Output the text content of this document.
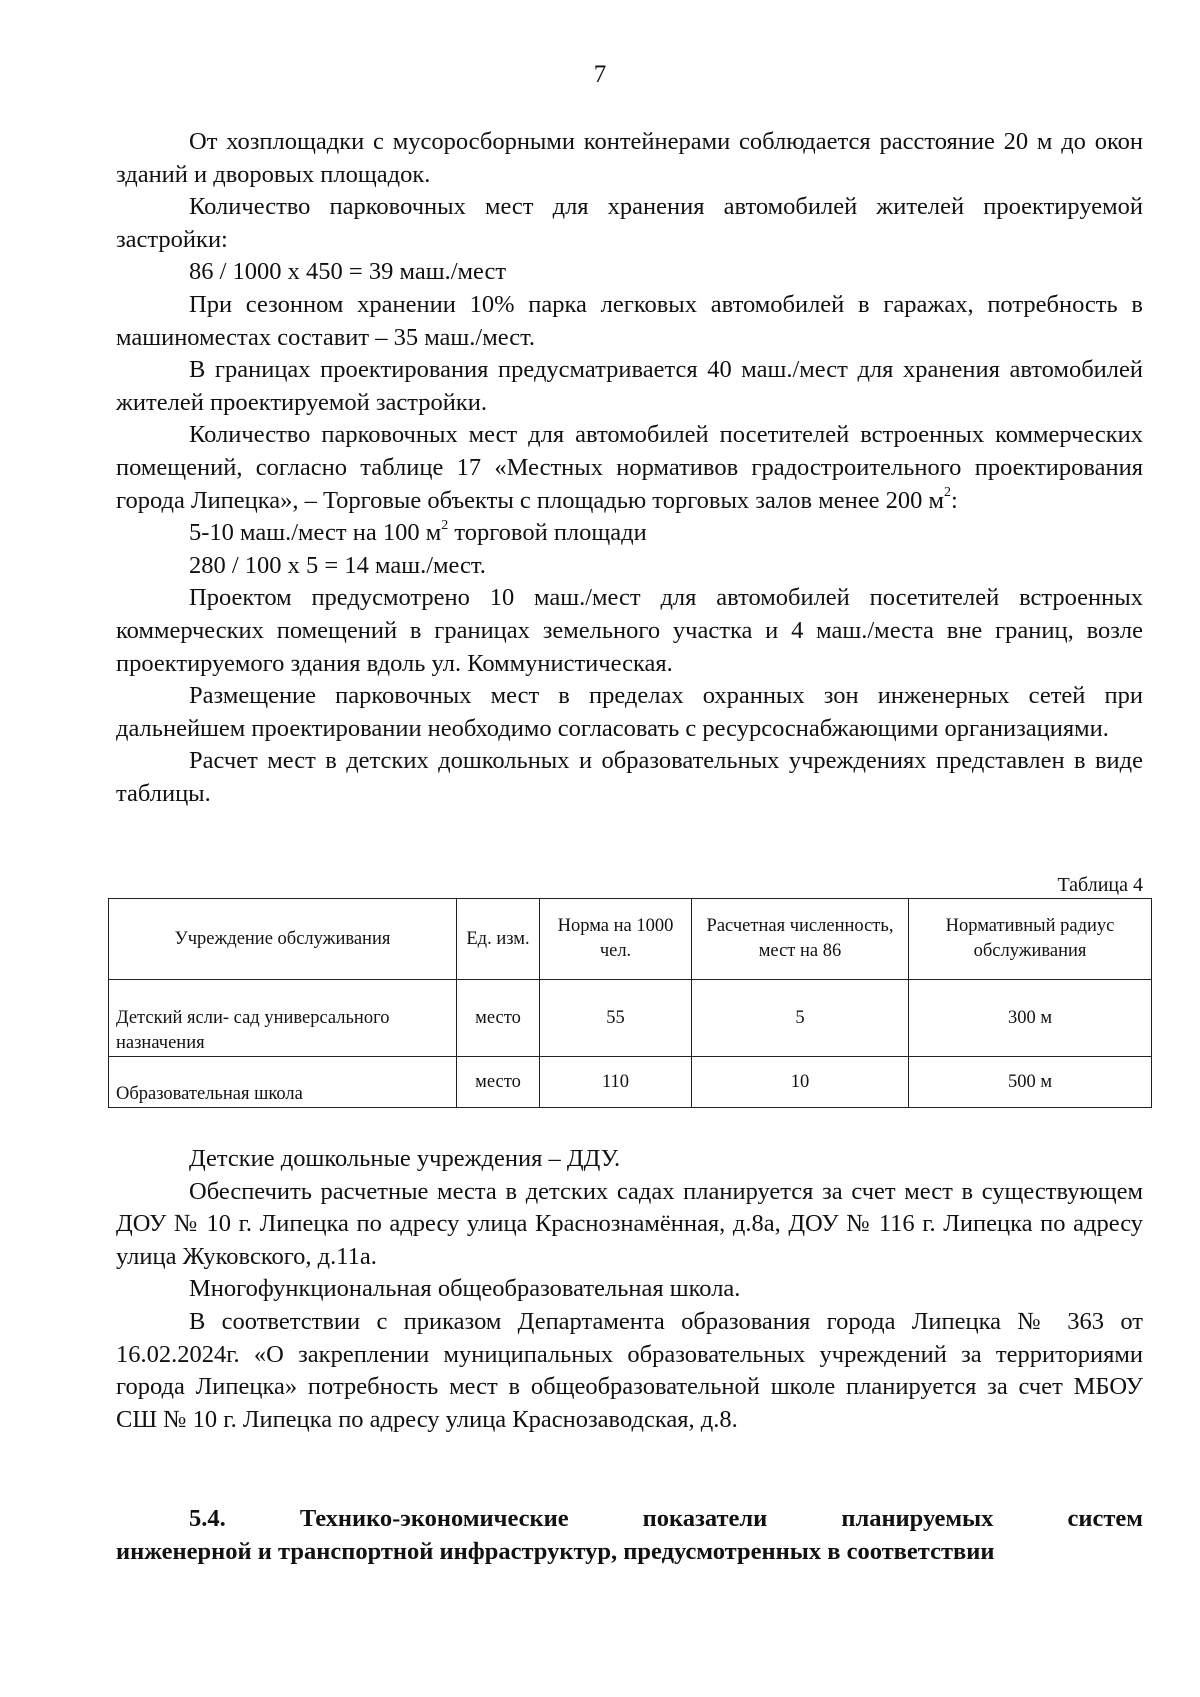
7

От хозплощадки с мусоросборными контейнерами соблюдается расстояние 20 м до окон зданий и дворовых площадок.

Количество парковочных мест для хранения автомобилей жителей проектируемой застройки:

86 / 1000 х 450 = 39 маш./мест

При сезонном хранении 10% парка легковых автомобилей в гаражах, потребность в машиноместах составит – 35 маш./мест.

В границах проектирования предусматривается 40 маш./мест для хранения автомобилей жителей проектируемой застройки.

Количество парковочных мест для автомобилей посетителей встроенных коммерческих помещений, согласно таблице 17 «Местных нормативов градостроительного проектирования города Липецка», – Торговые объекты с площадью торговых залов менее 200 $м^2$:

5-10 маш./мест на 100 $м^2$ торговой площади

280 / 100 х 5 = 14 маш./мест.

Проектом предусмотрено 10 маш./мест для автомобилей посетителей встроенных коммерческих помещений в границах земельного участка и 4 маш./места вне границ, возле проектируемого здания вдоль ул. Коммунистическая.

Размещение парковочных мест в пределах охранных зон инженерных сетей при дальнейшем проектировании необходимо согласовать с ресурсоснабжающими организациями.

Расчет мест в детских дошкольных и образовательных учреждениях представлен в виде таблицы.

Таблица 4
Учреждение обслуживания	Ед. изм.	Норма на 1000 чел.	Расчетная численность, мест на 86	Нормативный радиус обслуживания
Детский ясли- сад универсального назначения	место	55	5	300 м
Образовательная школа	место	110	10	500 м

Детские дошкольные учреждения – ДДУ.

Обеспечить расчетные места в детских садах планируется за счет мест в существующем ДОУ № 10 г. Липецка по адресу улица Краснознамённая, д.8а, ДОУ № 116 г. Липецка по адресу улица Жуковского, д.11а.

Многофункциональная общеобразовательная школа.

В соответствии с приказом Департамента образования города Липецка № 363 от 16.02.2024г. «О закреплении муниципальных образовательных учреждений за территориями города Липецка» потребность мест в общеобразовательной школе планируется за счет МБОУ СШ № 10 г. Липецка по адресу улица Краснозаводская, д.8.

5.4.	Технико-экономические	показатели	планируемых	систем
инженерной и транспортной инфраструктур, предусмотренных в соответствии
